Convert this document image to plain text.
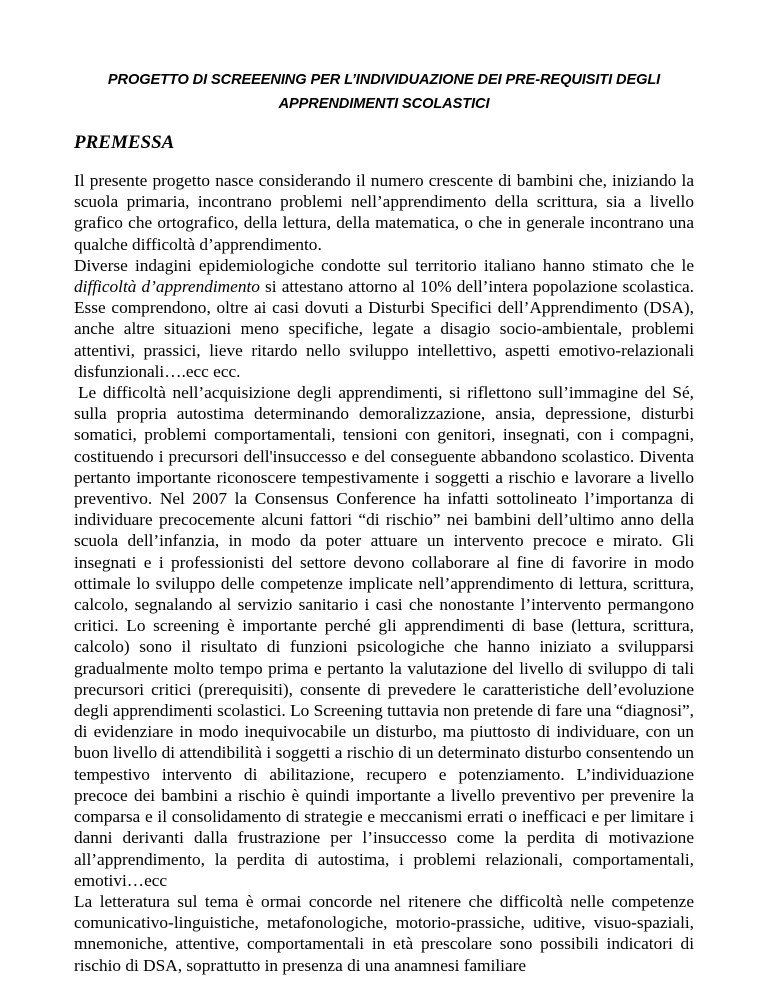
PROGETTO DI SCREEENING PER L’INDIVIDUAZIONE DEI PRE-REQUISITI DEGLI APPRENDIMENTI SCOLASTICI
PREMESSA

Il presente progetto nasce considerando il numero crescente di bambini che, iniziando la scuola primaria, incontrano problemi nell’apprendimento della scrittura, sia a livello grafico che ortografico, della lettura, della matematica, o che in generale incontrano una qualche difficoltà d’apprendimento.

Diverse indagini epidemiologiche condotte sul territorio italiano hanno stimato che le difficoltà d’apprendimento si attestano attorno al 10% dell’intera popolazione scolastica. Esse comprendono, oltre ai casi dovuti a Disturbi Specifici dell’Apprendimento (DSA), anche altre situazioni meno specifiche, legate a disagio socio-ambientale, problemi attentivi, prassici, lieve ritardo nello sviluppo intellettivo, aspetti emotivo-relazionali disfunzionali….ecc ecc.

Le difficoltà nell’acquisizione degli apprendimenti, si riflettono sull’immagine del Sé, sulla propria autostima determinando demoralizzazione, ansia, depressione, disturbi somatici, problemi comportamentali, tensioni con genitori, insegnati, con i compagni, costituendo i precursori dell'insuccesso e del conseguente abbandono scolastico. Diventa pertanto importante riconoscere tempestivamente i soggetti a rischio e lavorare a livello preventivo. Nel 2007 la Consensus Conference ha infatti sottolineato l’importanza di individuare precocemente alcuni fattori “di rischio” nei bambini dell’ultimo anno della scuola dell’infanzia, in modo da poter attuare un intervento precoce e mirato. Gli insegnati e i professionisti del settore devono collaborare al fine di favorire in modo ottimale lo sviluppo delle competenze implicate nell’apprendimento di lettura, scrittura, calcolo, segnalando al servizio sanitario i casi che nonostante l’intervento permangono critici. Lo screening è importante perché gli apprendimenti di base (lettura, scrittura, calcolo) sono il risultato di funzioni psicologiche che hanno iniziato a svilupparsi gradualmente molto tempo prima e pertanto la valutazione del livello di sviluppo di tali precursori critici (prerequisiti), consente di prevedere le caratteristiche dell’evoluzione degli apprendimenti scolastici. Lo Screening tuttavia non pretende di fare una “diagnosi”, di evidenziare in modo inequivocabile un disturbo, ma piuttosto di individuare, con un buon livello di attendibilità i soggetti a rischio di un determinato disturbo consentendo un tempestivo intervento di abilitazione, recupero e potenziamento. L’individuazione precoce dei bambini a rischio è quindi importante a livello preventivo per prevenire la comparsa e il consolidamento di strategie e meccanismi errati o inefficaci e per limitare i danni derivanti dalla frustrazione per l’insuccesso come la perdita di motivazione all’apprendimento, la perdita di autostima, i problemi relazionali, comportamentali, emotivi…ecc

La letteratura sul tema è ormai concorde nel ritenere che difficoltà nelle competenze comunicativo-linguistiche, metafonologiche, motorio-prassiche, uditive, visuo-spaziali, mnemoniche, attentive, comportamentali in età prescolare sono possibili indicatori di rischio di DSA, soprattutto in presenza di una anamnesi familiare
